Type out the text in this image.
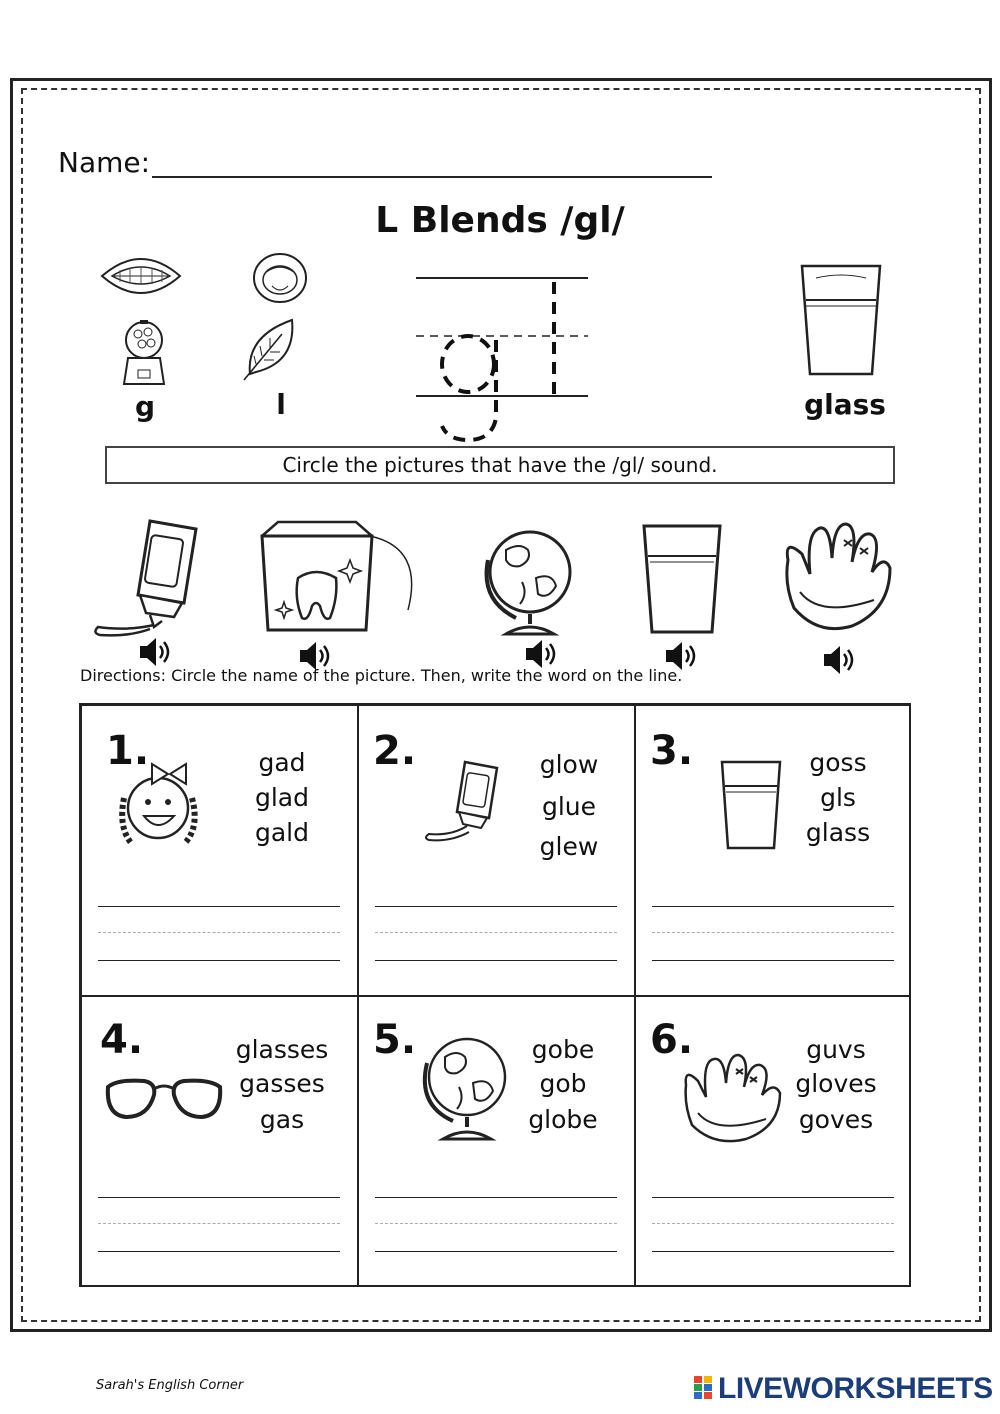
Name:
L Blends /gl/
g	l	glass
Circle the pictures that have the /gl/ sound.
Directions: Circle the name of the picture. Then, write the word on the line.
1.	gad
glad
gald
2.	glow
glue
glew
3.	goss
gls
glass
4.	glasses
gasses
gas
5.	gobe
gob
globe
6.	guvs
gloves
goves
Sarah's English Corner	LIVEWORKSHEETS
